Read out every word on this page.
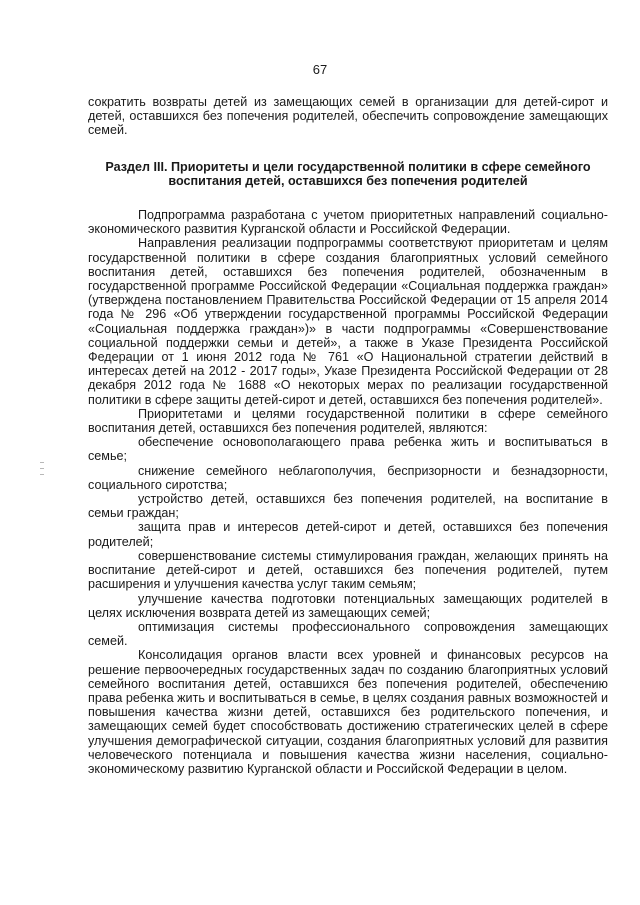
67

сократить возвраты детей из замещающих семей в организации для детей-сирот и детей, оставшихся без попечения родителей, обеспечить сопровождение замещающих семей.

Раздел III. Приоритеты и цели государственной политики в сфере семейного воспитания детей, оставшихся без попечения родителей

Подпрограмма разработана с учетом приоритетных направлений социально-экономического развития Курганской области и Российской Федерации.

Направления реализации подпрограммы соответствуют приоритетам и целям государственной политики в сфере создания благоприятных условий семейного воспитания детей, оставшихся без попечения родителей, обозначенным в государственной программе Российской Федерации «Социальная поддержка граждан» (утверждена постановлением Правительства Российской Федерации от 15 апреля 2014 года № 296 «Об утверждении государственной программы Российской Федерации «Социальная поддержка граждан»)» в части подпрограммы «Совершенствование социальной поддержки семьи и детей», а также в Указе Президента Российской Федерации от 1 июня 2012 года № 761 «О Национальной стратегии действий в интересах детей на 2012 - 2017 годы», Указе Президента Российской Федерации от 28 декабря 2012 года № 1688 «О некоторых мерах по реализации государственной политики в сфере защиты детей-сирот и детей, оставшихся без попечения родителей».

Приоритетами и целями государственной политики в сфере семейного воспитания детей, оставшихся без попечения родителей, являются:

обеспечение основополагающего права ребенка жить и воспитываться в семье;

снижение семейного неблагополучия, беспризорности и безнадзорности, социального сиротства;

устройство детей, оставшихся без попечения родителей, на воспитание в семьи граждан;

защита прав и интересов детей-сирот и детей, оставшихся без попечения родителей;

совершенствование системы стимулирования граждан, желающих принять на воспитание детей-сирот и детей, оставшихся без попечения родителей, путем расширения и улучшения качества услуг таким семьям;

улучшение качества подготовки потенциальных замещающих родителей в целях исключения возврата детей из замещающих семей;

оптимизация системы профессионального сопровождения замещающих семей.

Консолидация органов власти всех уровней и финансовых ресурсов на решение первоочередных государственных задач по созданию благоприятных условий семейного воспитания детей, оставшихся без попечения родителей, обеспечению права ребенка жить и воспитываться в семье, в целях создания равных возможностей и повышения качества жизни детей, оставшихся без родительского попечения, и замещающих семей будет способствовать достижению стратегических целей в сфере улучшения демографической ситуации, создания благоприятных условий для развития человеческого потенциала и повышения качества жизни населения, социально-экономическому развитию Курганской области и Российской Федерации в целом.
